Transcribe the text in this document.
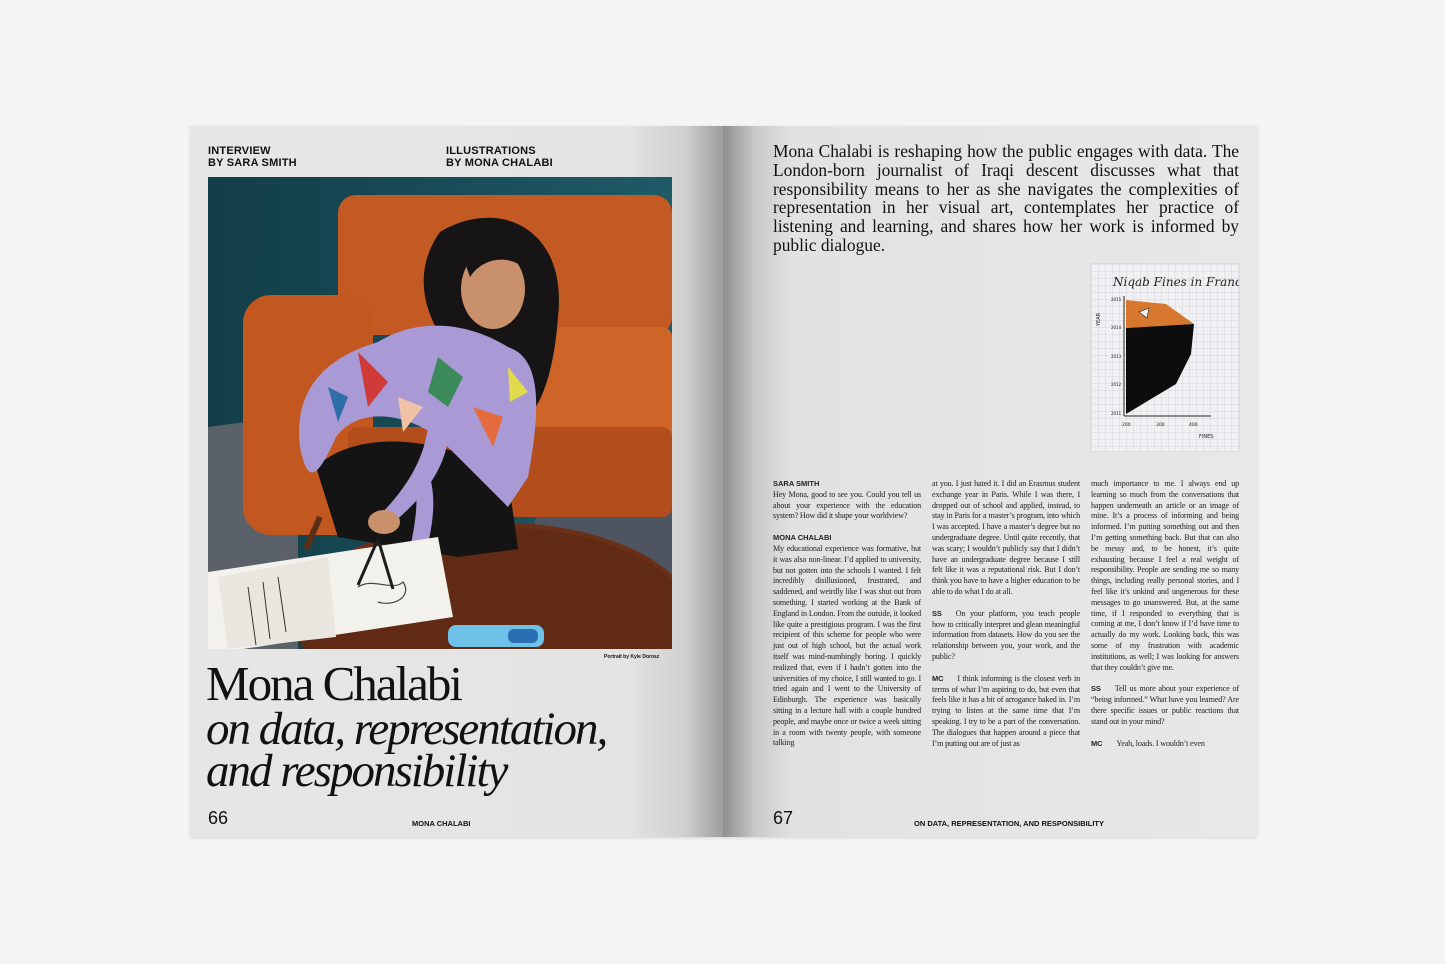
INTERVIEW
BY SARA SMITH
ILLUSTRATIONS
BY MONA CHALABI
Portrait by Kyle Dorosz
Mona Chalabi
on data, representation,
and responsibility
66	MONA CHALABI
Mona Chalabi is reshaping how the public engages with data. The London-born journalist of Iraqi descent discusses what that responsibility means to her as she navigates the complexities of representation in her visual art, contemplates her practice of listening and learning, and shares how her work is informed by public dialogue.
Niqab Fines in France
YEAR
2015
2014
2013
2012
2011
200	300	400
FINES

SARA SMITH

Hey Mona, good to see you. Could you tell us about your experience with the education system? How did it shape your worldview?

MONA CHALABI

My educational experience was formative, but it was also non-linear. I’d applied to university, but not gotten into the schools I wanted. I felt incredibly disillusioned, frustrated, and saddened, and weirdly like I was shut out from something. I started working at the Bank of England in London. From the outside, it looked like quite a prestigious program. I was the first recipient of this scheme for people who were just out of high school, but the actual work itself was mind-numbingly boring. I quickly realized that, even if I hadn’t gotten into the universities of my choice, I still wanted to go. I tried again and I went to the University of Edinburgh. The experience was basically sitting in a lecture hall with a couple hundred people, and maybe once or twice a week sitting in a room with twenty people, with someone talking

at you. I just hated it. I did an Erasmus student exchange year in Paris. While I was there, I dropped out of school and applied, instead, to stay in Paris for a master’s program, into which I was accepted. I have a master’s degree but no undergraduate degree. Until quite recently, that was scary; I wouldn’t publicly say that I didn’t have an undergraduate degree because I still felt like it was a reputational risk. But I don’t think you have to have a higher education to be able to do what I do at all.

SS On your platform, you teach people how to critically interpret and glean meaningful information from datasets. How do you see the relationship between you, your work, and the public?

MC I think informing is the closest verb in terms of what I’m aspiring to do, but even that feels like it has a bit of arrogance baked in. I’m trying to listen at the same time that I’m speaking. I try to be a part of the conversation. The dialogues that happen around a piece that I’m putting out are of just as

much importance to me. I always end up learning so much from the conversations that happen underneath an article or an image of mine. It’s a process of informing and being informed. I’m putting something out and then I’m getting something back. But that can also be messy and, to be honest, it’s quite exhausting because I feel a real weight of responsibility. People are sending me so many things, including really personal stories, and I feel like it’s unkind and ungenerous for these messages to go unanswered. But, at the same time, if I responded to everything that is coming at me, I don’t know if I’d have time to actually do my work. Looking back, this was some of my frustration with academic institutions, as well; I was looking for answers that they couldn’t give me.

SS Tell us more about your experience of “being informed.” What have you learned? Are there specific issues or public reactions that stand out in your mind?

MC Yeah, loads. I wouldn’t even

67	ON DATA, REPRESENTATION, AND RESPONSIBILITY
